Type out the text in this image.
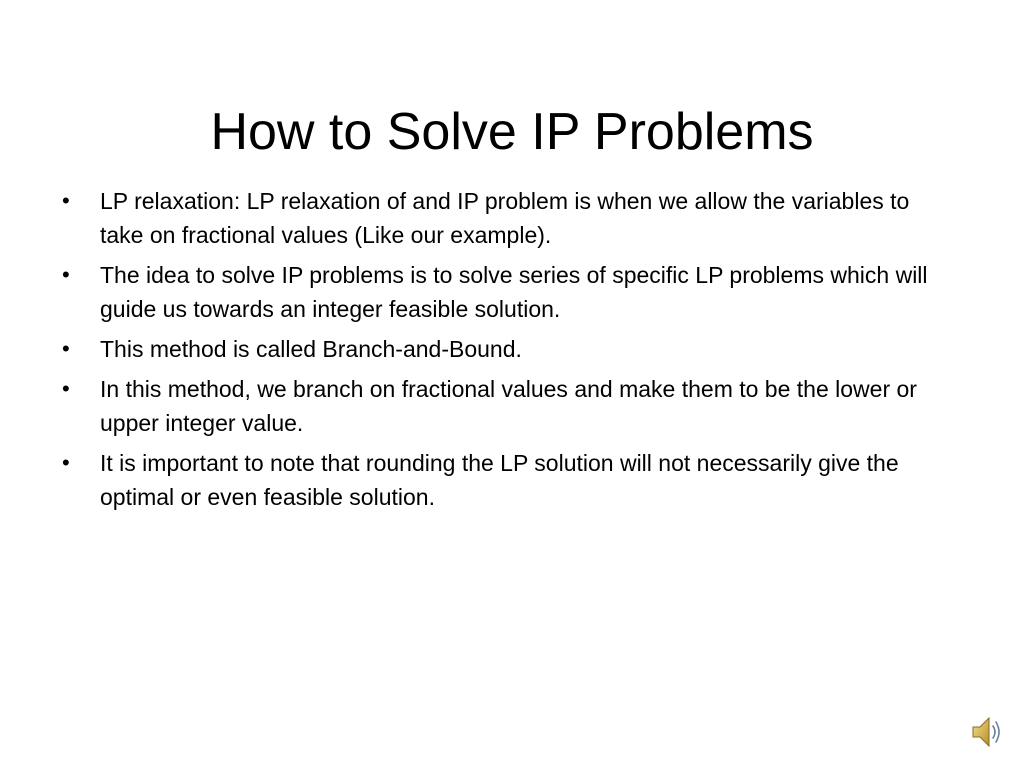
How to Solve IP Problems
•	LP relaxation: LP relaxation of and IP problem is when we allow the variables to take on fractional values (Like our example).
•	The idea to solve IP problems is to solve series of specific LP problems which will guide us towards an integer feasible solution.
•	This method is called Branch-and-Bound.
•	In this method, we branch on fractional values and make them to be the lower or upper integer value.
•	It is important to note that rounding the LP solution will not necessarily give the optimal or even feasible solution.
